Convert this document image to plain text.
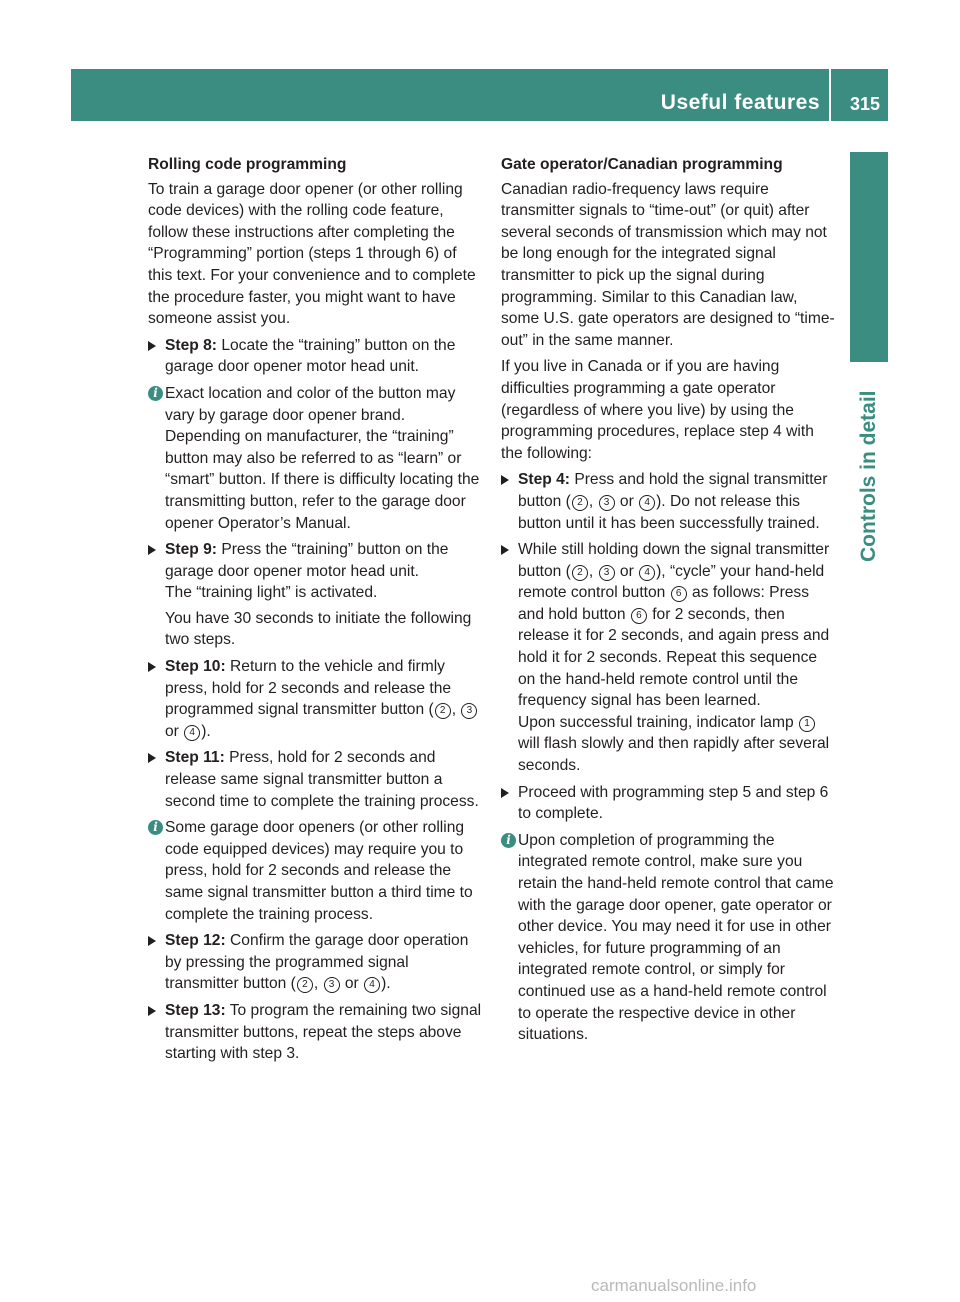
Useful features 315
Controls in detail

Rolling code programming

To train a garage door opener (or other rolling code devices) with the rolling code feature, follow these instructions after completing the “Programming” portion (steps 1 through 6) of this text. For your convenience and to complete the procedure faster, you might want to have someone assist you.

Step 8: Locate the “training” button on the garage door opener motor head unit.
i Exact location and color of the button may vary by garage door opener brand. Depending on manufacturer, the “training” button may also be referred to as “learn” or “smart” button. If there is difficulty locating the transmitting button, refer to the garage door opener Operator’s Manual.
Step 9: Press the “training” button on the garage door opener motor head unit.
The “training light” is activated.

You have 30 seconds to initiate the following two steps.

Step 10: Return to the vehicle and firmly press, hold for 2 seconds and release the programmed signal transmitter button ( 2 , 3 or 4 ).
Step 11: Press, hold for 2 seconds and release same signal transmitter button a second time to complete the training process.
i Some garage door openers (or other rolling code equipped devices) may require you to press, hold for 2 seconds and release the same signal transmitter button a third time to complete the training process.
Step 12: Confirm the garage door operation by pressing the programmed signal transmitter button ( 2 , 3 or 4 ).
Step 13: To program the remaining two signal transmitter buttons, repeat the steps above starting with step 3.

Gate operator/Canadian programming

Canadian radio-frequency laws require transmitter signals to “time-out” (or quit) after several seconds of transmission which may not be long enough for the integrated signal transmitter to pick up the signal during programming. Similar to this Canadian law, some U.S. gate operators are designed to “time-out” in the same manner.

If you live in Canada or if you are having difficulties programming a gate operator (regardless of where you live) by using the programming procedures, replace step 4 with the following:

Step 4: Press and hold the signal transmitter button ( 2 , 3 or 4 ). Do not release this button until it has been successfully trained.
While still holding down the signal transmitter button ( 2 , 3 or 4 ), “cycle” your hand-held remote control button 6 as follows: Press and hold button 6 for 2 seconds, then release it for 2 seconds, and again press and hold it for 2 seconds. Repeat this sequence on the hand-held remote control until the frequency signal has been learned.
Upon successful training, indicator lamp 1 will flash slowly and then rapidly after several seconds.
Proceed with programming step 5 and step 6 to complete.
i Upon completion of programming the integrated remote control, make sure you retain the hand-held remote control that came with the garage door opener, gate operator or other device. You may need it for use in other vehicles, for future programming of an integrated remote control, or simply for continued use as a hand-held remote control to operate the respective device in other situations.
carmanualsonline.info
